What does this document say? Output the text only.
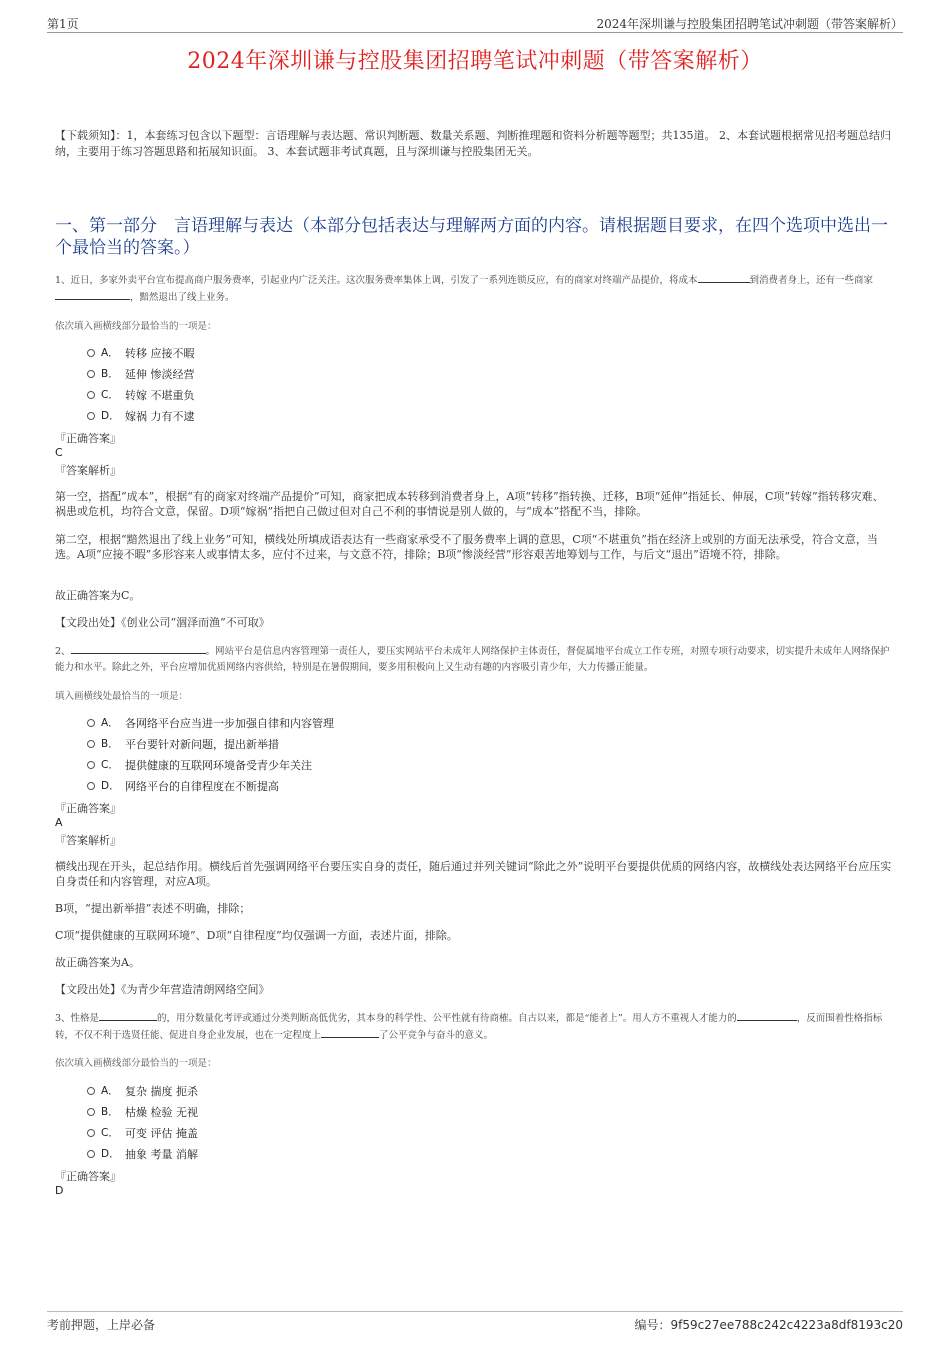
第1页	2024年深圳谦与控股集团招聘笔试冲刺题（带答案解析）
2024年深圳谦与控股集团招聘笔试冲刺题（带答案解析）
【下载须知】：1，本套练习包含以下题型：言语理解与表达题、常识判断题、数量关系题、判断推理题和资料分析题等题型；共135道。 2、本套试题根据常见招考题总结归纳，主要用于练习答题思路和拓展知识面。 3、本套试题非考试真题，且与深圳谦与控股集团无关。
一、第一部分　言语理解与表达（本部分包括表达与理解两方面的内容。请根据题目要求，在四个选项中选出一个最恰当的答案。）
1、近日，多家外卖平台宣布提高商户服务费率，引起业内广泛关注。这次服务费率集体上调，引发了一系列连锁反应，有的商家对终端产品提价，将成本	到消费者身上，还有一些商家，黯然退出了线上业务。
依次填入画横线部分最恰当的一项是：
A． 转移 应接不暇
B． 延伸 惨淡经营
C． 转嫁 不堪重负
D． 嫁祸 力有不逮
『正确答案』
C
『答案解析』
第一空，搭配“成本”，根据“有的商家对终端产品提价”可知，商家把成本转移到消费者身上，A项“转移”指转换、迁移，B项“延伸”指延长、伸展，C项“转嫁”指转移灾难、祸患或危机，均符合文意，保留。D项“嫁祸”指把自己做过但对自己不利的事情说是别人做的，与“成本”搭配不当，排除。
第二空，根据“黯然退出了线上业务”可知，横线处所填成语表达有一些商家承受不了服务费率上调的意思，C项“不堪重负”指在经济上或别的方面无法承受，符合文意，当选。A项“应接不暇”多形容来人或事情太多，应付不过来，与文意不符，排除；B项“惨淡经营”形容艰苦地筹划与工作，与后文“退出”语境不符，排除。
故正确答案为C。
【文段出处】《创业公司“涸泽而渔”不可取》
2、	。网站平台是信息内容管理第一责任人，要压实网站平台未成年人网络保护主体责任，督促属地平台成立工作专班，对照专项行动要求，切实提升未成年人网络保护能力和水平。除此之外，平台应增加优质网络内容供给，特别是在暑假期间，要多用积极向上又生动有趣的内容吸引青少年，大力传播正能量。
填入画横线处最恰当的一项是：
A． 各网络平台应当进一步加强自律和内容管理
B． 平台要针对新问题，提出新举措
C． 提供健康的互联网环境备受青少年关注
D． 网络平台的自律程度在不断提高
『正确答案』
A
『答案解析』
横线出现在开头，起总结作用。横线后首先强调网络平台要压实自身的责任，随后通过并列关键词“除此之外”说明平台要提供优质的网络内容，故横线处表达网络平台应压实自身责任和内容管理，对应A项。
B项，“提出新举措”表述不明确，排除；
C项“提供健康的互联网环境”、D项“自律程度”均仅强调一方面，表述片面，排除。
故正确答案为A。
【文段出处】《为青少年营造清朗网络空间》
3、性格是	的，用分数量化考评或通过分类判断高低优劣，其本身的科学性、公平性就有待商榷。自古以来，都是“能者上”。用人方不重视人才能力的	，反而围着性格指标转，不仅不利于选贤任能、促进自身企业发展，也在一定程度上	了公平竞争与奋斗的意义。
依次填入画横线部分最恰当的一项是：
A． 复杂 揣度 扼杀
B． 枯燥 检验 无视
C． 可变 评估 掩盖
D． 抽象 考量 消解
『正确答案』
D
考前押题，上岸必备	编号：9f59c27ee788c242c4223a8df8193c20
